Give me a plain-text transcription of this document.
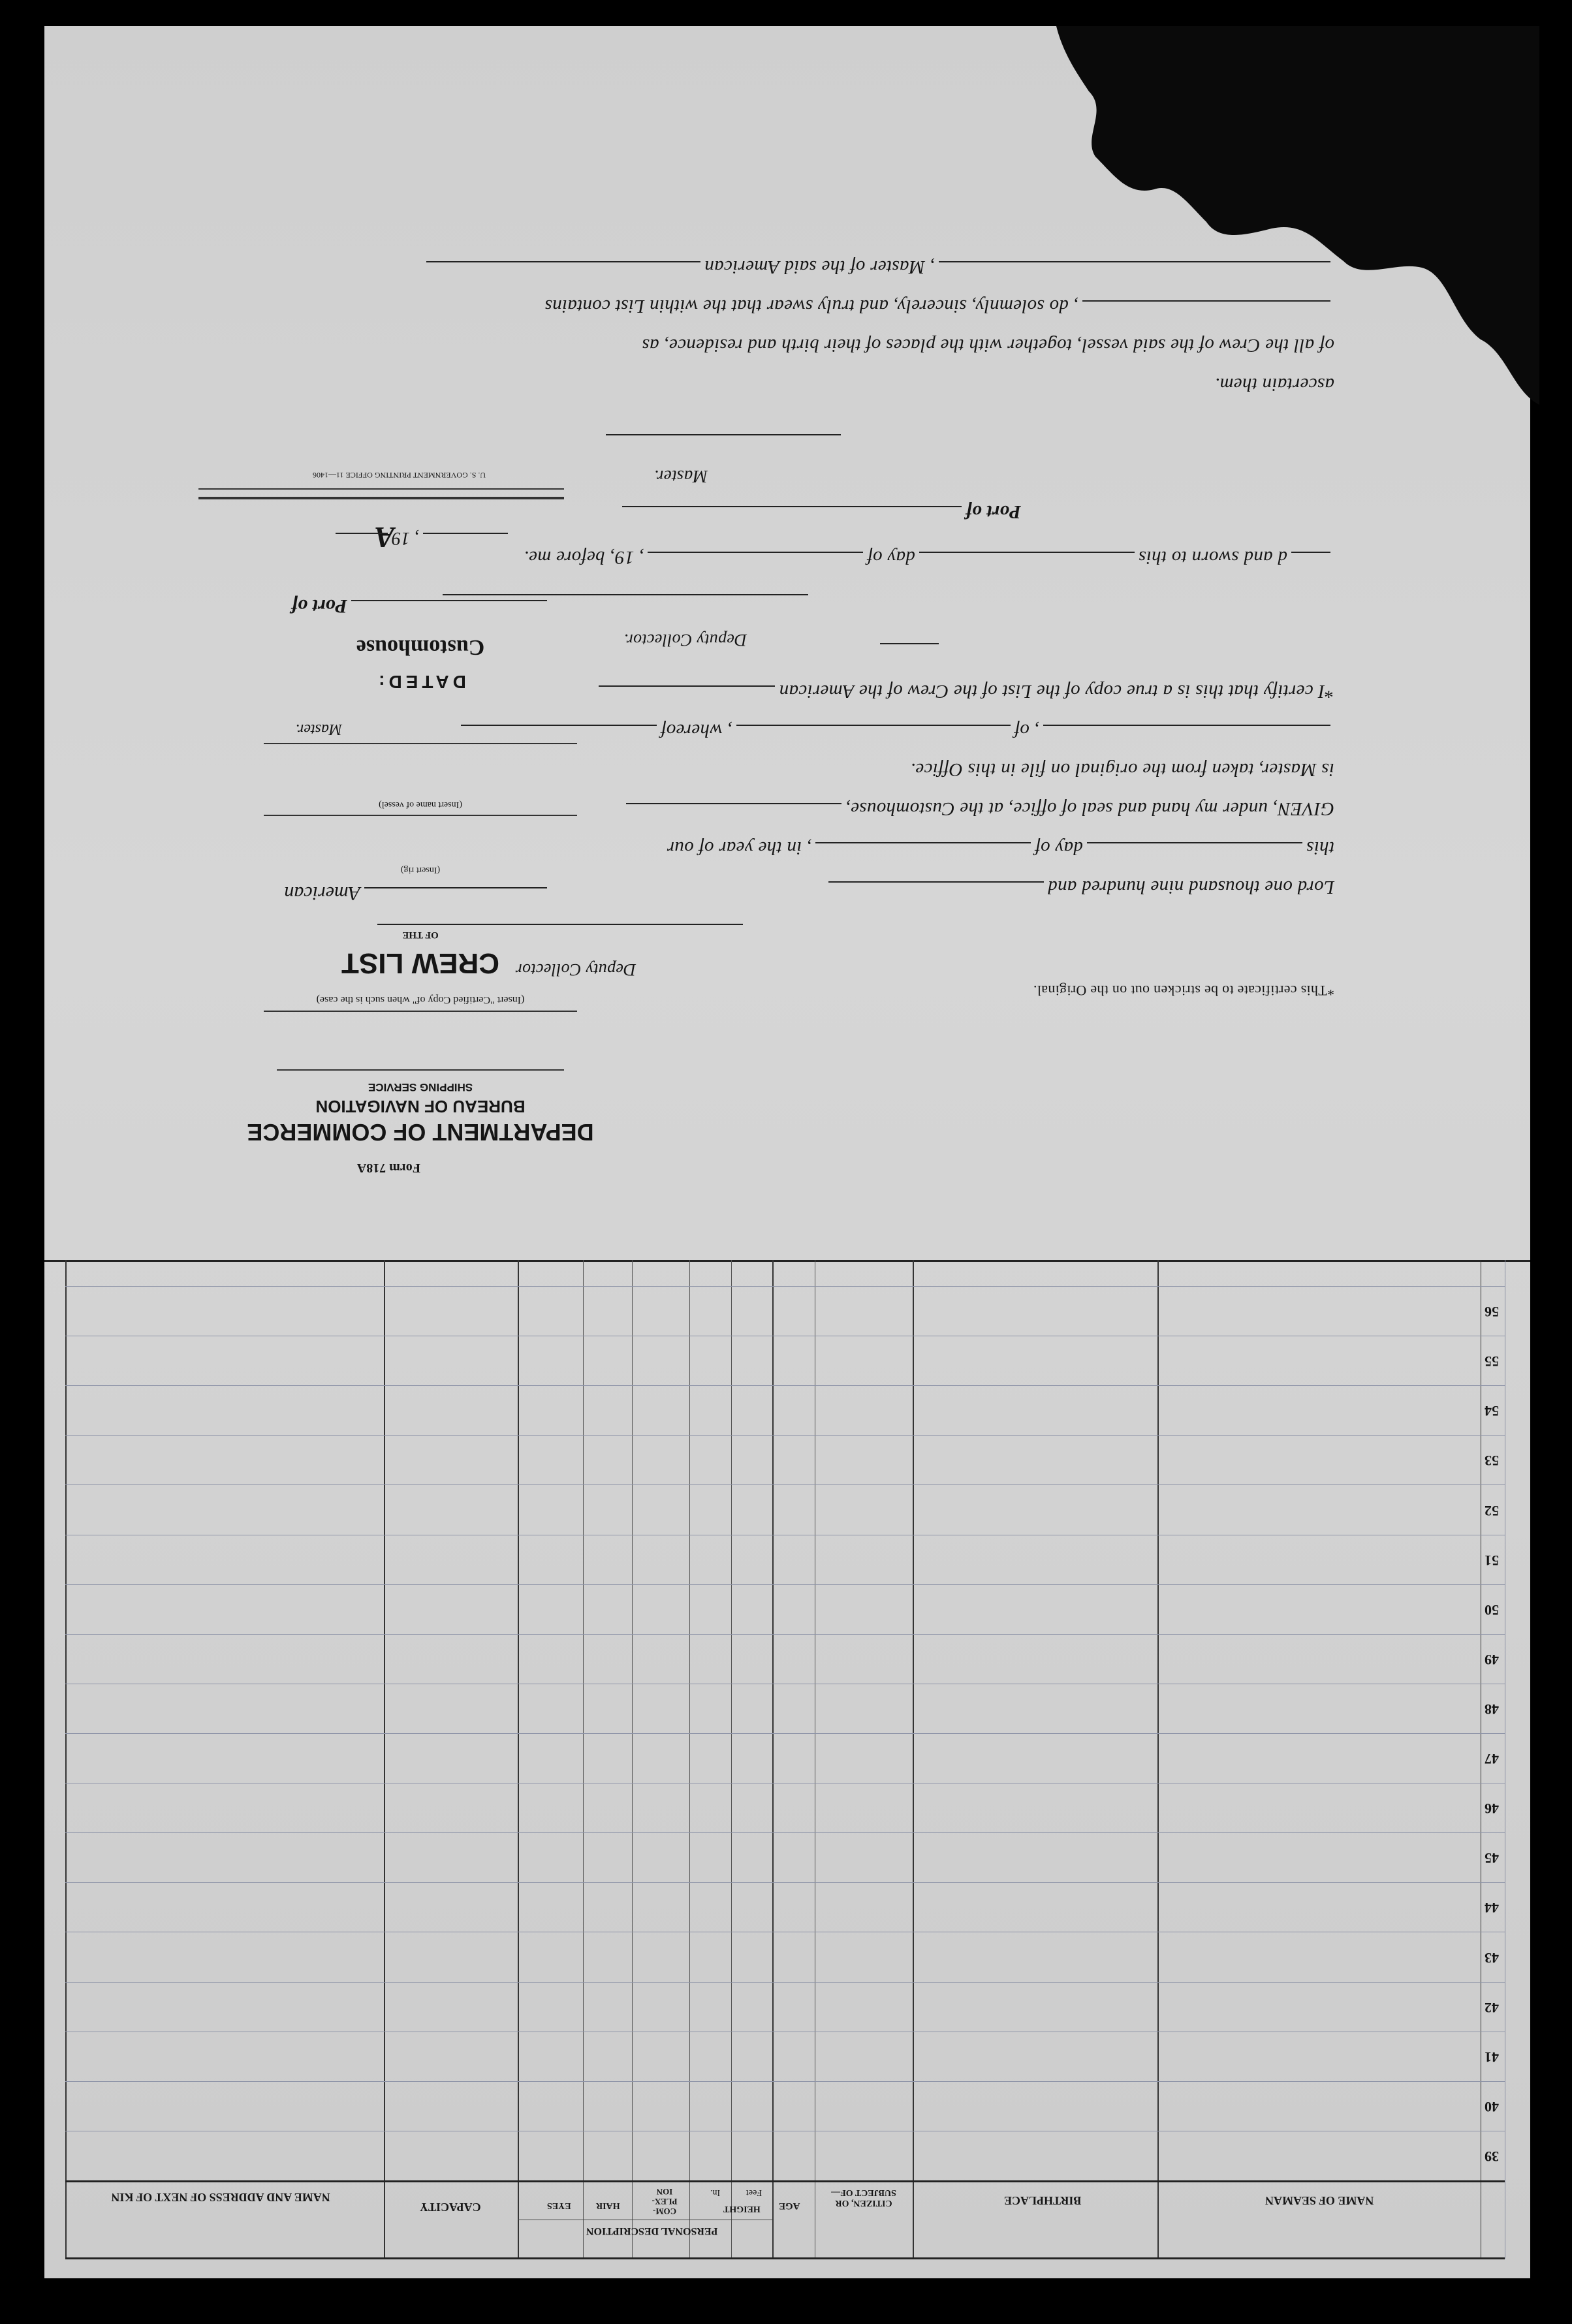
, Master of the said American
, do solemnly, sincerely, and truly swear that the within List contains
of all the Crew of the said vessel, together with the places of their birth and residence, as
ascertain them.
Master.
Port of
d and sworn to thisday of, 19, before me.
Deputy Collector.
A
*I certify that this is a true copy of the List of the Crew of the American
, of, whereof
is Master, taken from the original on file in this Office.
GIVEN, under my hand and seal of office, at the Customhouse,
thisday of, in the year of our
Lord one thousand nine hundred and
Deputy Collector
*This certificate to be stricken out on the Original.
Form 718A
DEPARTMENT OF COMMERCE
BUREAU OF NAVIGATION
SHIPPING SERVICE
(Insert "Certified Copy of" when such is the case)
CREW LIST
OF THE
American
(Insert rig)
(Insert name of vessel)
Master.
DATED:
Customhouse
Port of
, 19
U. S. GOVERNMENT PRINTING OFFICE 11—1406
56
55
54
53
52
51
50
49
48
47
46
45
44
43
42
41
40
39
NAME OF SEAMAN
BIRTHPLACE
CITIZEN, OR SUBJECT OF—
AGE
PERSONAL DESCRIPTION
HEIGHT
Feet
In.
COM-PLEX-ION
HAIR
EYES
CAPACITY
NAME AND ADDRESS OF NEXT OF KIN
